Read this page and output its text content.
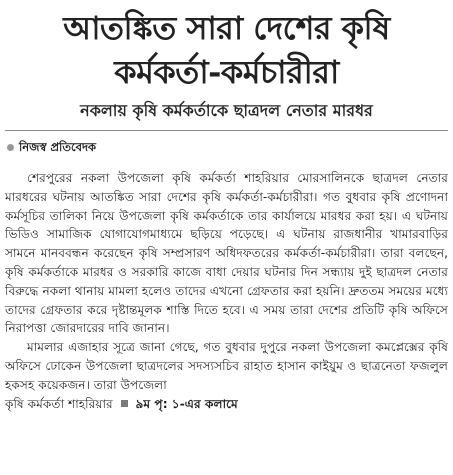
আতঙ্কিত সারা দেশের কৃষি
কর্মকর্তা-কর্মচারীরা
নকলায় কৃষি কর্মকর্তাকে ছাত্রদল নেতার মারধর
নিজস্ব প্রতিবেদক

শেরপুরের নকলা উপজেলা কৃষি কর্মকর্তা শাহরিয়ার মোরসালিনকে ছাত্রদল নেতার মারধরের ঘটনায় আতঙ্কিত সারা দেশের কৃষি কর্মকর্তা-কর্মচারীরা। গত বুধবার কৃষি প্রণোদনা কর্মসূচির তালিকা নিয়ে উপজেলা কৃষি কর্মকর্তাকে তার কার্যালয়ে মারধর করা হয়। এ ঘটনায় ভিডিও সামাজিক যোগাযোগমাধ্যমে ছড়িয়ে পড়েছে। এ ঘটনায় রাজধানীর খামারবাড়ির সামনে মানববন্ধন করেছেন কৃষি সম্প্রসারণ অধিদফতরের কর্মকর্তা-কর্মচারীরা। তারা বলছেন, কৃষি কর্মকর্তাকে মারধর ও সরকারি কাজে বাধা দেয়ার ঘটনার দিন সন্ধ্যায় দুই ছাত্রদল নেতার বিরুদ্ধে নকলা থানায় মামলা হলেও তাদের এখনো গ্রেফতার করা হয়নি। দ্রুততম সময়ের মধ্যে তাদের গ্রেফতার করে দৃষ্টান্তমূলক শাস্তি দিতে হবে। এ সময় তারা দেশের প্রতিটি কৃষি অফিসে নিরাপত্তা জোরদারের দাবি জানান।

মামলার এজাহার সূত্রে জানা গেছে, গত বুধবার দুপুরে নকলা উপজেলা কমপ্লেক্সের কৃষি অফিসে ঢোকেন উপজেলা ছাত্রদলের সদস্যসচিব রাহাত হাসান কাইয়ুম ও ছাত্রনেতা ফজলুল হকসহ কয়েকজন। তারা উপজেলা

কৃষি কর্মকর্তা শাহরিয়ার ৯ম পৃ: ১-এর কলামে
